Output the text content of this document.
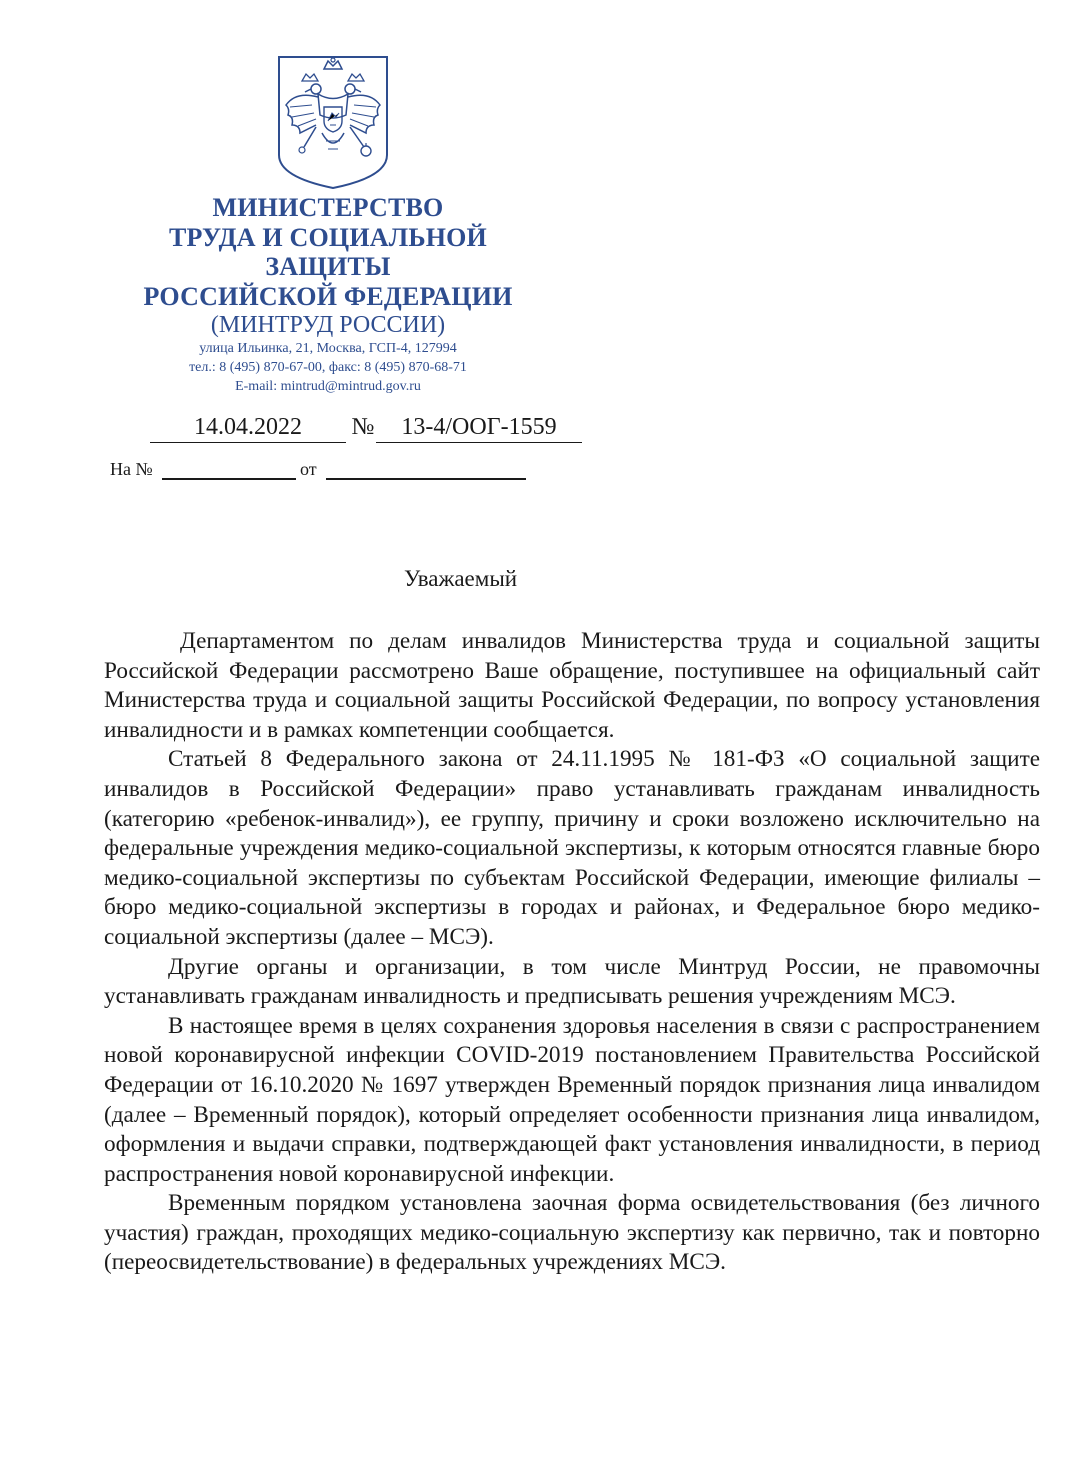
МИНИСТЕРСТВО
ТРУДА И СОЦИАЛЬНОЙ
ЗАЩИТЫ
РОССИЙСКОЙ ФЕДЕРАЦИИ
(МИНТРУД РОССИИ)
улица Ильинка, 21, Москва, ГСП-4, 127994
тел.: 8 (495) 870-67-00, факс: 8 (495) 870-68-71
E-mail: mintrud@mintrud.gov.ru
14.04.2022	№	13-4/ООГ-1559
На №	от
Уважаемый

Департаментом по делам инвалидов Министерства труда и социальной защиты Российской Федерации рассмотрено Ваше обращение, поступившее на официальный сайт Министерства труда и социальной защиты Российской Федерации, по вопросу установления инвалидности и в рамках компетенции сообщается.

Статьей 8 Федерального закона от 24.11.1995 № 181-ФЗ «О социальной защите инвалидов в Российской Федерации» право устанавливать гражданам инвалидность (категорию «ребенок-инвалид»), ее группу, причину и сроки возложено исключительно на федеральные учреждения медико-социальной экспертизы, к которым относятся главные бюро медико-социальной экспертизы по субъектам Российской Федерации, имеющие филиалы – бюро медико-социальной экспертизы в городах и районах, и Федеральное бюро медико-социальной экспертизы (далее – МСЭ).

Другие органы и организации, в том числе Минтруд России, не правомочны устанавливать гражданам инвалидность и предписывать решения учреждениям МСЭ.

В настоящее время в целях сохранения здоровья населения в связи с распространением новой коронавирусной инфекции COVID-2019 постановлением Правительства Российской Федерации от 16.10.2020 № 1697 утвержден Временный порядок признания лица инвалидом (далее – Временный порядок), который определяет особенности признания лица инвалидом, оформления и выдачи справки, подтверждающей факт установления инвалидности, в период распространения новой коронавирусной инфекции.

Временным порядком установлена заочная форма освидетельствования (без личного участия) граждан, проходящих медико-социальную экспертизу как первично, так и повторно (переосвидетельствование) в федеральных учреждениях МСЭ.
